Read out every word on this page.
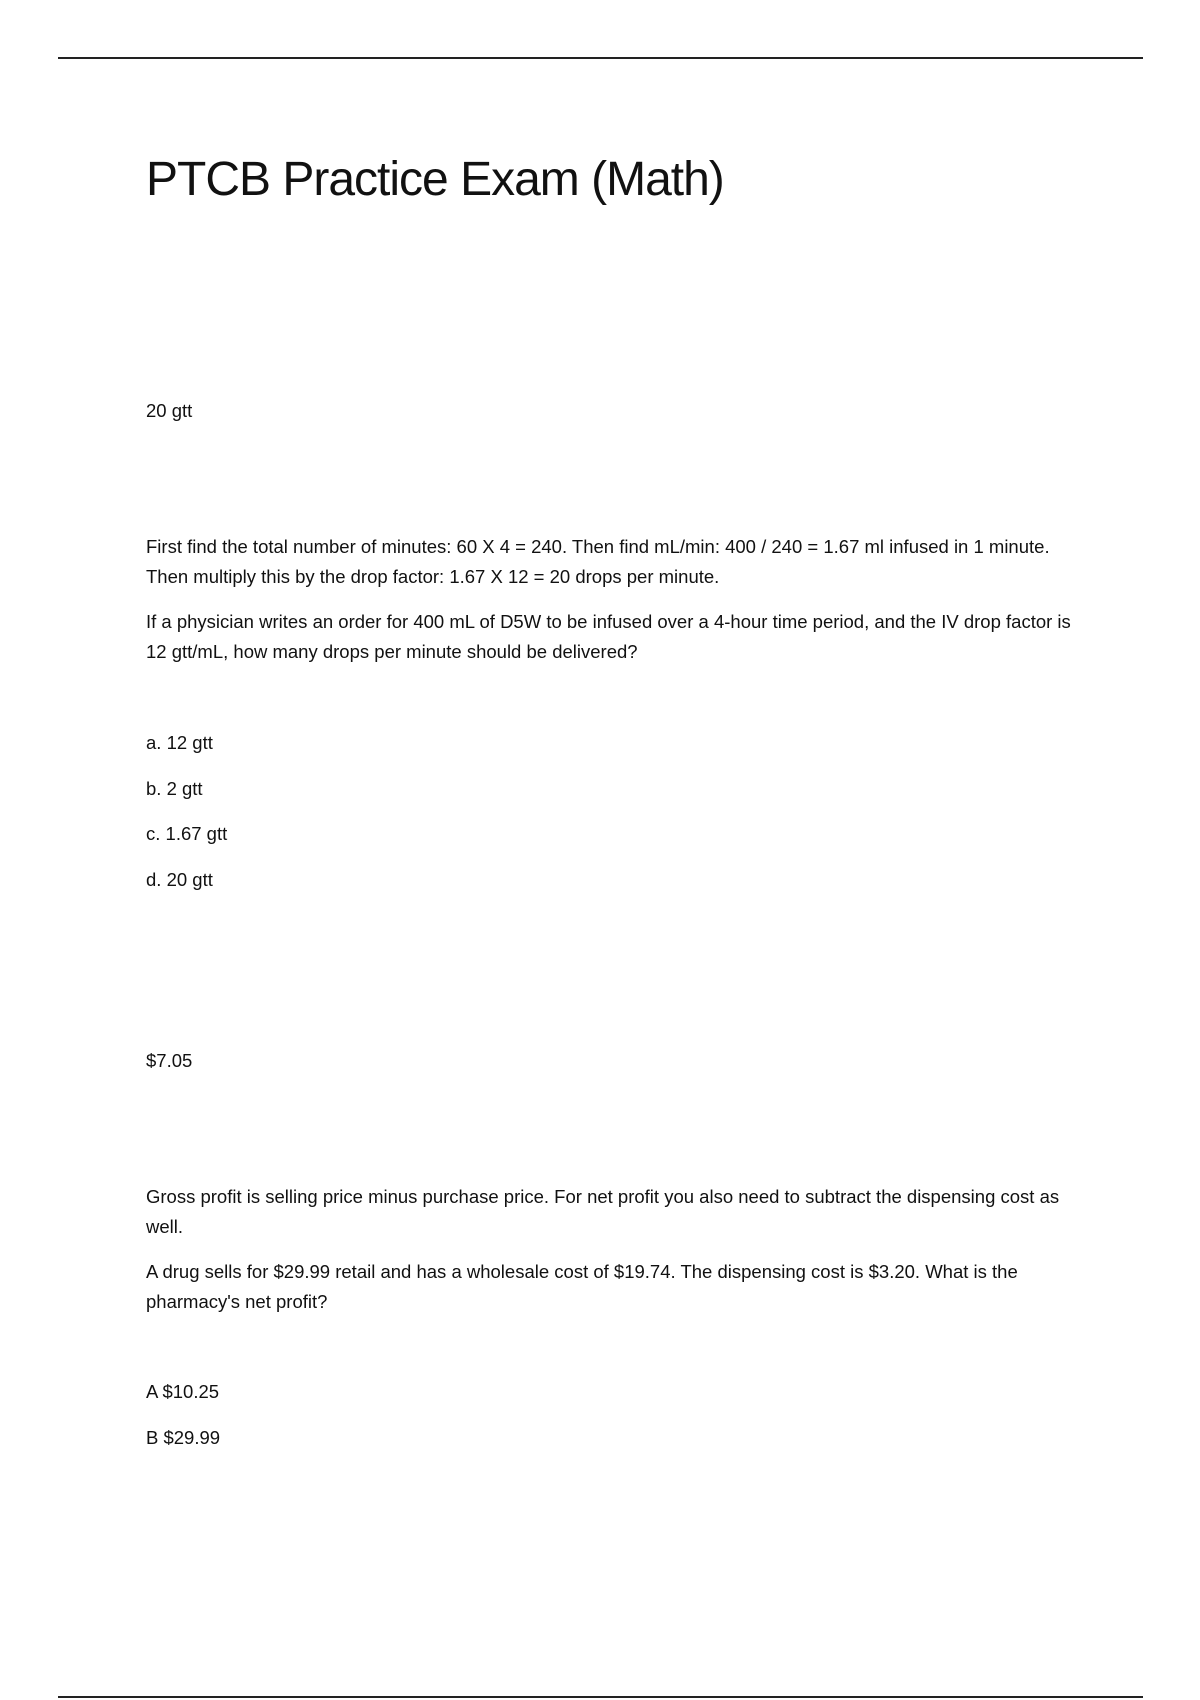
PTCB Practice Exam (Math)

20 gtt

First find the total number of minutes: 60 X 4 = 240. Then find mL/min: 400 / 240 = 1.67 ml infused in 1 minute. Then multiply this by the drop factor: 1.67 X 12 = 20 drops per minute.

If a physician writes an order for 400 mL of D5W to be infused over a 4-hour time period, and the IV drop factor is 12 gtt/mL, how many drops per minute should be delivered?

a. 12 gtt

b. 2 gtt

c. 1.67 gtt

d. 20 gtt

$7.05

Gross profit is selling price minus purchase price. For net profit you also need to subtract the dispensing cost as well.

A drug sells for $29.99 retail and has a wholesale cost of $19.74. The dispensing cost is $3.20. What is the pharmacy's net profit?

A $10.25

B $29.99
